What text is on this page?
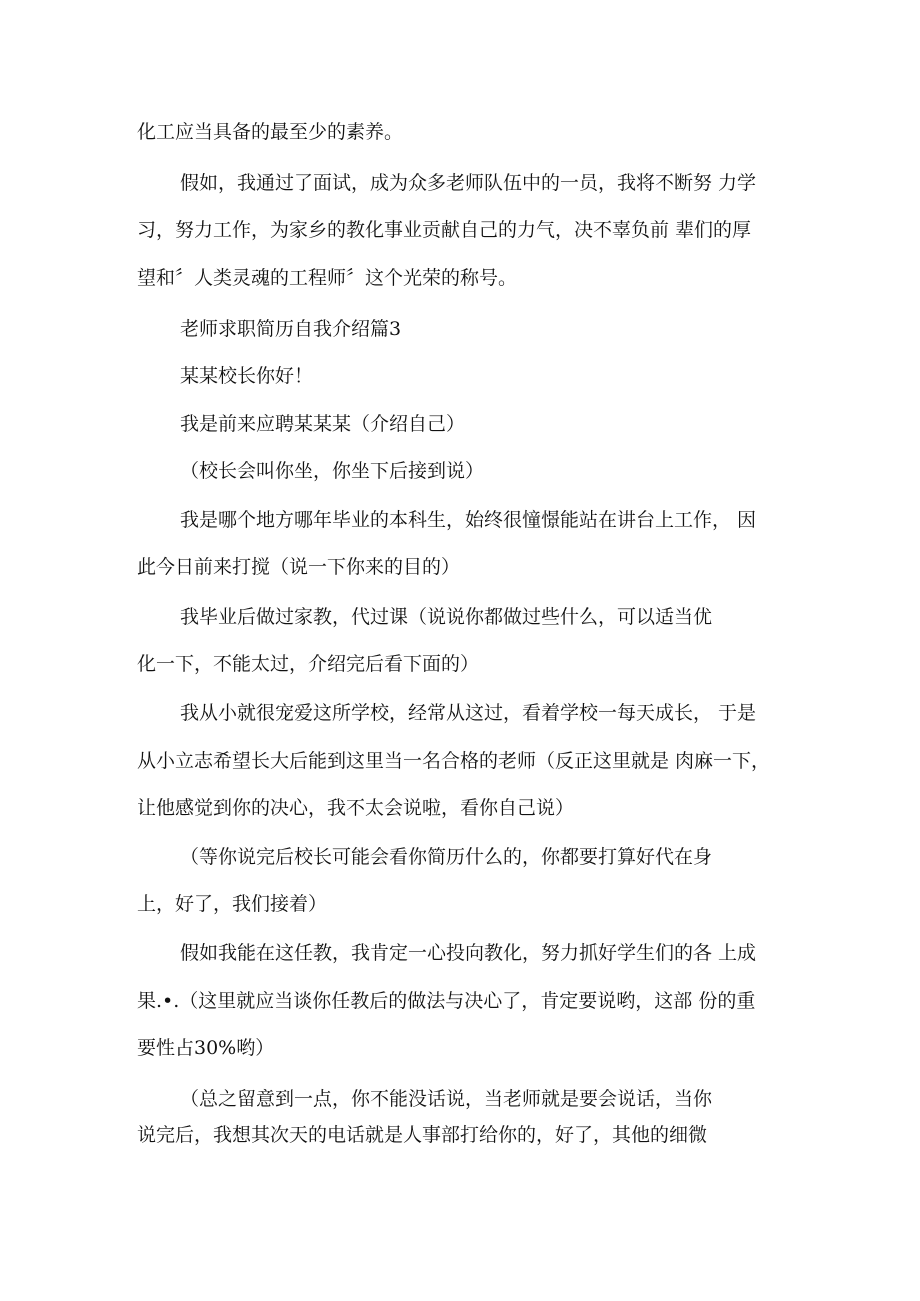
化工应当具备的最至少的素养。

假如，我通过了面试，成为众多老师队伍中的一员，我将不断努 力学

习，努力工作，为家乡的教化事业贡献自己的力气，决不辜负前 辈们的厚

望和〞人类灵魂的工程师〞这个光荣的称号。

老师求职简历自我介绍篇3

某某校长你好！

我是前来应聘某某某（介绍自己）

（校长会叫你坐，你坐下后接到说）

我是哪个地方哪年毕业的本科生，始终很憧憬能站在讲台上工作， 因

此今日前来打搅（说一下你来的目的）

我毕业后做过家教，代过课（说说你都做过些什么，可以适当优

化一下，不能太过，介绍完后看下面的）

我从小就很宠爱这所学校，经常从这过，看着学校一每天成长， 于是

从小立志希望长大后能到这里当一名合格的老师（反正这里就是 肉麻一下，

让他感觉到你的决心，我不太会说啦，看你自己说）

（等你说完后校长可能会看你简历什么的，你都要打算好代在身

上，好了，我们接着）

假如我能在这任教，我肯定一心投向教化，努力抓好学生们的各 上成

果.•.（这里就应当谈你任教后的做法与决心了，肯定要说哟，这部 份的重

要性占30%哟）

（总之留意到一点，你不能没话说，当老师就是要会说话，当你

说完后，我想其次天的电话就是人事部打给你的，好了，其他的细微
